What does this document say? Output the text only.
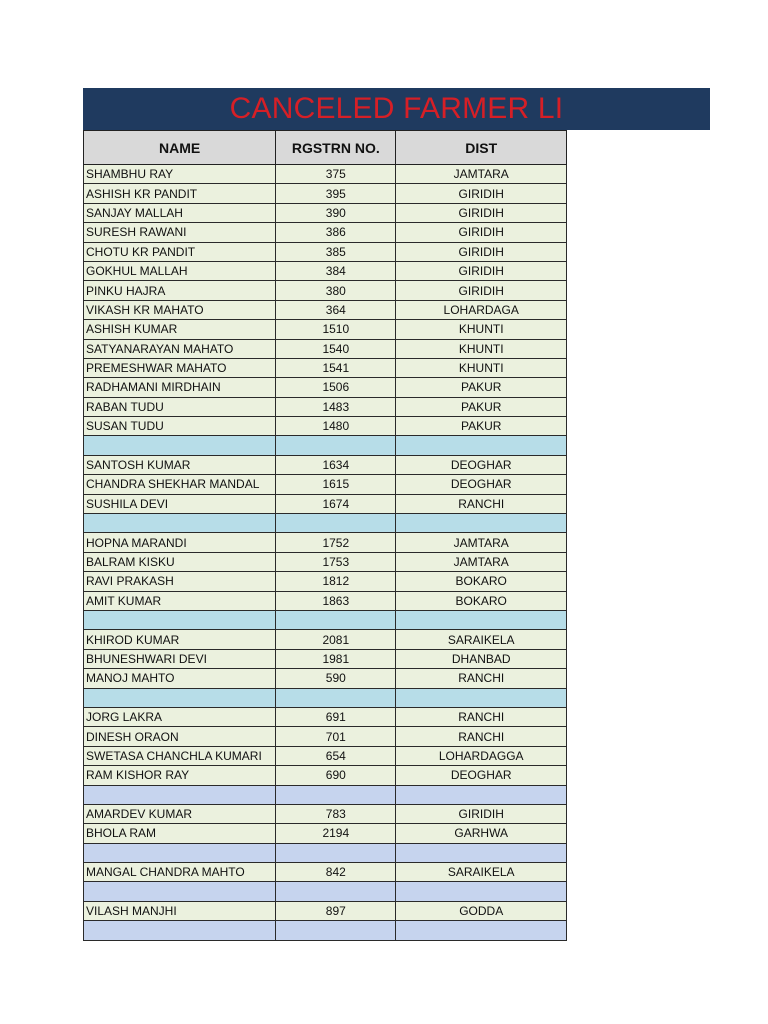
CANCELED FARMER LI
NAME	RGSTRN NO.	DIST
SHAMBHU RAY	375	JAMTARA
ASHISH KR PANDIT	395	GIRIDIH
SANJAY MALLAH	390	GIRIDIH
SURESH RAWANI	386	GIRIDIH
CHOTU KR PANDIT	385	GIRIDIH
GOKHUL MALLAH	384	GIRIDIH
PINKU HAJRA	380	GIRIDIH
VIKASH KR MAHATO	364	LOHARDAGA
ASHISH KUMAR	1510	KHUNTI
SATYANARAYAN MAHATO	1540	KHUNTI
PREMESHWAR MAHATO	1541	KHUNTI
RADHAMANI MIRDHAIN	1506	PAKUR
RABAN TUDU	1483	PAKUR
SUSAN TUDU	1480	PAKUR

SANTOSH KUMAR	1634	DEOGHAR
CHANDRA SHEKHAR MANDAL	1615	DEOGHAR
SUSHILA DEVI	1674	RANCHI

HOPNA MARANDI	1752	JAMTARA
BALRAM KISKU	1753	JAMTARA
RAVI PRAKASH	1812	BOKARO
AMIT KUMAR	1863	BOKARO

KHIROD KUMAR	2081	SARAIKELA
BHUNESHWARI DEVI	1981	DHANBAD
MANOJ MAHTO	590	RANCHI

JORG LAKRA	691	RANCHI
DINESH ORAON	701	RANCHI
SWETASA CHANCHLA KUMARI	654	LOHARDAGGA
RAM KISHOR RAY	690	DEOGHAR

AMARDEV KUMAR	783	GIRIDIH
BHOLA RAM	2194	GARHWA

MANGAL CHANDRA MAHTO	842	SARAIKELA

VILASH MANJHI	897	GODDA
